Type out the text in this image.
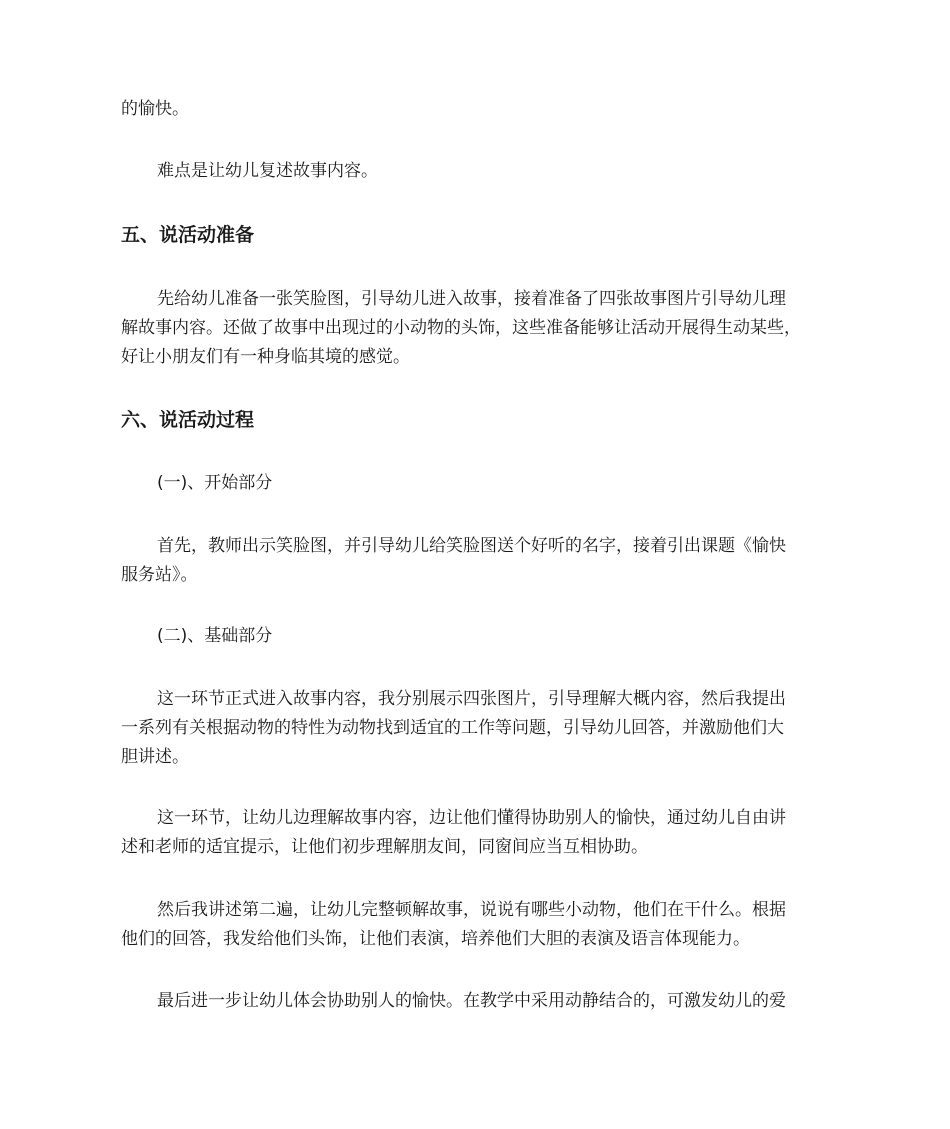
的愉快。
难点是让幼儿复述故事内容。
五、说活动准备
先给幼儿准备一张笑脸图，引导幼儿进入故事，接着准备了四张故事图片引导幼儿理
解故事内容。还做了故事中出现过的小动物的头饰，这些准备能够让活动开展得生动某些，
好让小朋友们有一种身临其境的感觉。
六、说活动过程
(一)、开始部分
首先，教师出示笑脸图，并引导幼儿给笑脸图送个好听的名字，接着引出课题《愉快
服务站》。
(二)、基础部分
这一环节正式进入故事内容，我分别展示四张图片，引导理解大概内容，然后我提出
一系列有关根据动物的特性为动物找到适宜的工作等问题，引导幼儿回答，并激励他们大
胆讲述。
这一环节，让幼儿边理解故事内容，边让他们懂得协助别人的愉快，通过幼儿自由讲
述和老师的适宜提示，让他们初步理解朋友间，同窗间应当互相协助。
然后我讲述第二遍，让幼儿完整顿解故事，说说有哪些小动物，他们在干什么。根据
他们的回答，我发给他们头饰，让他们表演，培养他们大胆的表演及语言体现能力。
最后进一步让幼儿体会协助别人的愉快。在教学中采用动静结合的，可激发幼儿的爱
